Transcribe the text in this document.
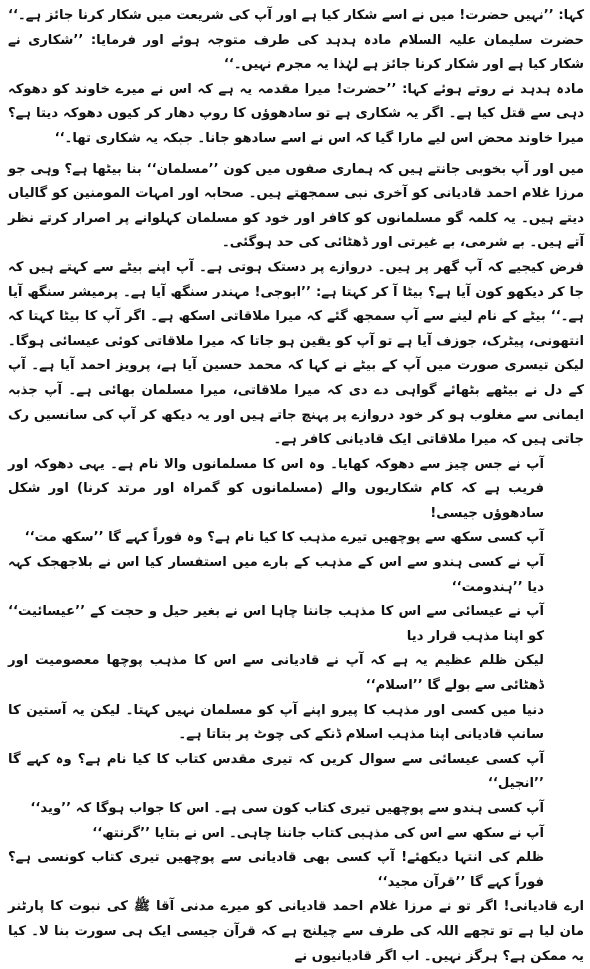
کہا: ’’نہیں حضرت! میں نے اسے شکار کیا ہے اور آپ کی شریعت میں شکار کرنا جائز ہے۔‘‘ حضرت سلیمان علیہ السلام مادہ ہدہد کی طرف متوجہ ہوئے اور فرمایا: ’’شکاری نے شکار کیا ہے اور شکار کرنا جائز ہے لہٰذا یہ مجرم نہیں۔‘‘

مادہ ہدہد نے روتے ہوئے کہا: ’’حضرت! میرا مقدمہ یہ ہے کہ اس نے میرے خاوند کو دھوکہ دہی سے قتل کیا ہے۔ اگر یہ شکاری ہے تو سادھوؤں کا روپ دھار کر کیوں دھوکہ دیتا ہے؟ میرا خاوند محض اس لیے مارا گیا کہ اس نے اسے سادھو جانا۔ جبکہ یہ شکاری تھا۔‘‘

میں اور آپ بخوبی جانتے ہیں کہ ہماری صفوں میں کون ’’مسلمان‘‘ بنا بیٹھا ہے؟ وہی جو مرزا غلام احمد قادیانی کو آخری نبی سمجھتے ہیں۔ صحابہ اور امہات المومنین کو گالیاں دیتے ہیں۔ یہ کلمہ گو مسلمانوں کو کافر اور خود کو مسلمان کہلوانے پر اصرار کرتے نظر آتے ہیں۔ بے شرمی، بے غیرتی اور ڈھٹائی کی حد ہوگئی۔

فرض کیجیے کہ آپ گھر پر ہیں۔ دروازے پر دستک ہوتی ہے۔ آپ اپنے بیٹے سے کہتے ہیں کہ جا کر دیکھو کون آیا ہے؟ بیٹا آ کر کہتا ہے: ’’ابوجی! مہندر سنگھ آیا ہے۔ پرمیشر سنگھ آیا ہے۔‘‘ بیٹے کے نام لینے سے آپ سمجھ گئے کہ میرا ملاقاتی اسکھ ہے۔ اگر آپ کا بیٹا کہتا کہ انتھونی، پیٹرک، جوزف آیا ہے تو آپ کو یقین ہو جاتا کہ میرا ملاقاتی کوئی عیسائی ہوگا۔ لیکن تیسری صورت میں آپ کے بیٹے نے کہا کہ محمد حسین آیا ہے، پرویز احمد آیا ہے۔ آپ کے دل نے بیٹھے بٹھائے گواہی دے دی کہ میرا ملاقاتی، میرا مسلمان بھائی ہے۔ آپ جذبہ ایمانی سے مغلوب ہو کر خود دروازے پر پہنچ جاتے ہیں اور یہ دیکھ کر آپ کی سانسیں رک جاتی ہیں کہ میرا ملاقاتی ایک قادیانی کافر ہے۔

آپ نے جس چیز سے دھوکہ کھایا۔ وہ اس کا مسلمانوں والا نام ہے۔ یہی دھوکہ اور فریب ہے کہ کام شکاریوں والے (مسلمانوں کو گمراہ اور مرتد کرنا) اور شکل سادھوؤں جیسی!

آپ کسی سکھ سے پوچھیں تیرے مذہب کا کیا نام ہے؟ وہ فوراً کہے گا ’’سکھ مت‘‘

آپ نے کسی ہندو سے اس کے مذہب کے بارے میں استفسار کیا اس نے بلاجھجک کہہ دیا ’’ہندومت‘‘

آپ نے عیسائی سے اس کا مذہب جاننا چاہا اس نے بغیر حیل و حجت کے ’’عیسائیت‘‘ کو اپنا مذہب قرار دیا

لیکن ظلم عظیم یہ ہے کہ آپ نے قادیانی سے اس کا مذہب پوچھا معصومیت اور ڈھٹائی سے بولے گا ’’اسلام‘‘

دنیا میں کسی اور مذہب کا پیرو اپنے آپ کو مسلمان نہیں کہتا۔ لیکن یہ آستین کا سانپ قادیانی اپنا مذہب اسلام ڈنکے کی چوٹ پر بتاتا ہے۔

آپ کسی عیسائی سے سوال کریں کہ تیری مقدس کتاب کا کیا نام ہے؟ وہ کہے گا ’’انجیل‘‘

آپ کسی ہندو سے پوچھیں تیری کتاب کون سی ہے۔ اس کا جواب ہوگا کہ ’’وید‘‘

آپ نے سکھ سے اس کی مذہبی کتاب جاننا چاہی۔ اس نے بتایا ’’گرنتھ‘‘

ظلم کی انتہا دیکھئے! آپ کسی بھی قادیانی سے پوچھیں تیری کتاب کونسی ہے؟ فوراً کہے گا ’’قرآن مجید‘‘

ارے قادیانی! اگر تو نے مرزا غلام احمد قادیانی کو میرے مدنی آقا ﷺ کی نبوت کا پارٹنر مان لیا ہے تو تجھے اللہ کی طرف سے چیلنج ہے کہ قرآن جیسی ایک ہی سورت بنا لا۔ کیا یہ ممکن ہے؟ ہرگز نہیں۔ اب اگر قادیانیوں نے
